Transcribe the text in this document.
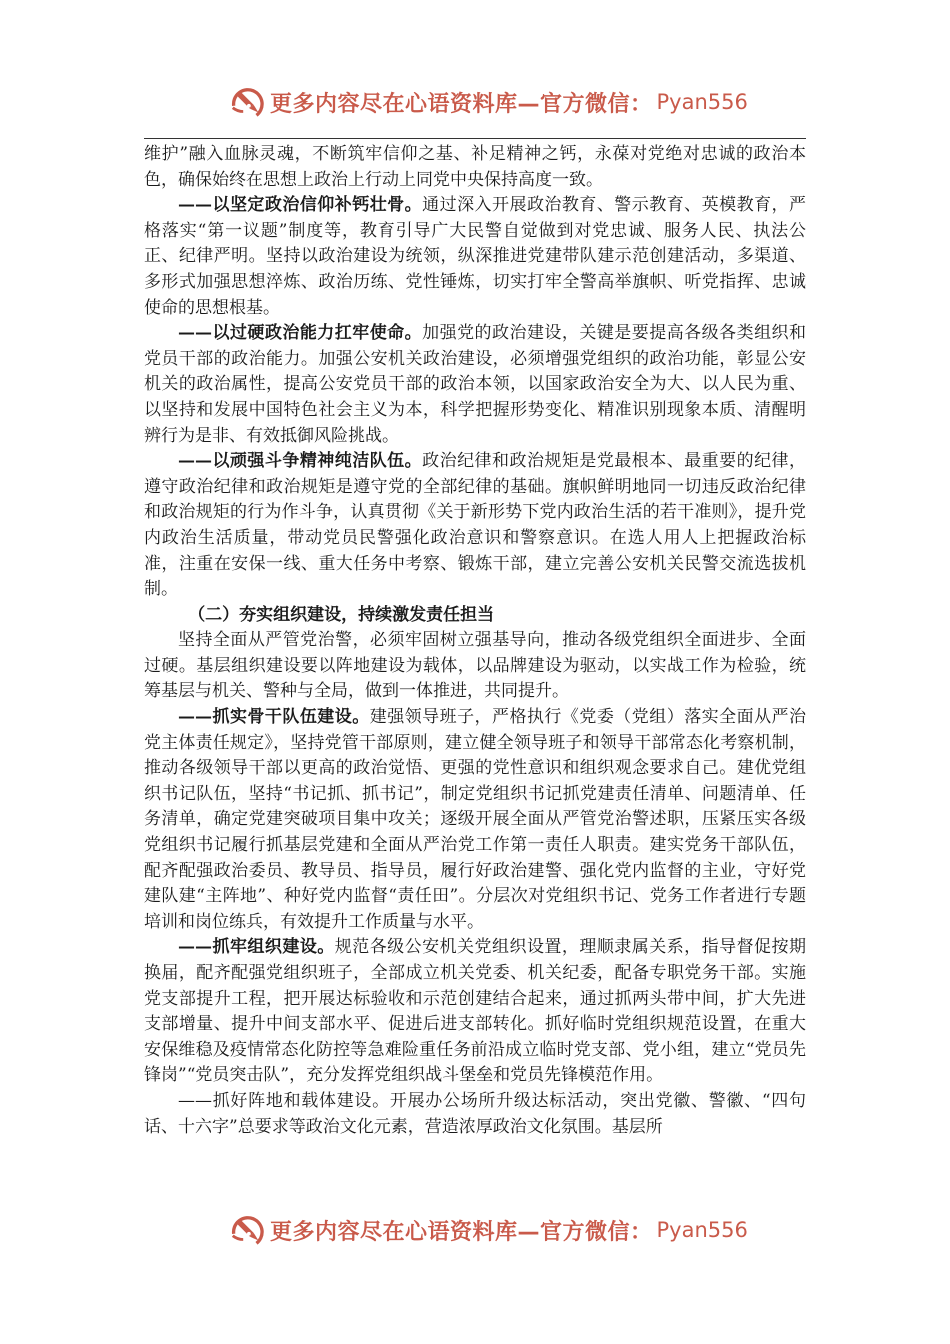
更多内容尽在心语资料库—官方微信： Pyan556

维护”融入血脉灵魂，不断筑牢信仰之基、补足精神之钙，永葆对党绝对忠诚的政治本色，确保始终在思想上政治上行动上同党中央保持高度一致。

——以坚定政治信仰补钙壮骨。通过深入开展政治教育、警示教育、英模教育，严格落实“第一议题”制度等，教育引导广大民警自觉做到对党忠诚、服务人民、执法公正、纪律严明。坚持以政治建设为统领，纵深推进党建带队建示范创建活动，多渠道、多形式加强思想淬炼、政治历练、党性锤炼，切实打牢全警高举旗帜、听党指挥、忠诚使命的思想根基。

——以过硬政治能力扛牢使命。加强党的政治建设，关键是要提高各级各类组织和党员干部的政治能力。加强公安机关政治建设，必须增强党组织的政治功能，彰显公安机关的政治属性，提高公安党员干部的政治本领，以国家政治安全为大、以人民为重、以坚持和发展中国特色社会主义为本，科学把握形势变化、精准识别现象本质、清醒明辨行为是非、有效抵御风险挑战。

——以顽强斗争精神纯洁队伍。政治纪律和政治规矩是党最根本、最重要的纪律，遵守政治纪律和政治规矩是遵守党的全部纪律的基础。旗帜鲜明地同一切违反政治纪律和政治规矩的行为作斗争，认真贯彻《关于新形势下党内政治生活的若干准则》，提升党内政治生活质量，带动党员民警强化政治意识和警察意识。在选人用人上把握政治标准，注重在安保一线、重大任务中考察、锻炼干部，建立完善公安机关民警交流选拔机制。

（二）夯实组织建设，持续激发责任担当

坚持全面从严管党治警，必须牢固树立强基导向，推动各级党组织全面进步、全面过硬。基层组织建设要以阵地建设为载体，以品牌建设为驱动，以实战工作为检验，统筹基层与机关、警种与全局，做到一体推进，共同提升。

——抓实骨干队伍建设。建强领导班子，严格执行《党委（党组）落实全面从严治党主体责任规定》，坚持党管干部原则，建立健全领导班子和领导干部常态化考察机制，推动各级领导干部以更高的政治觉悟、更强的党性意识和组织观念要求自己。建优党组织书记队伍，坚持“书记抓、抓书记”，制定党组织书记抓党建责任清单、问题清单、任务清单，确定党建突破项目集中攻关；逐级开展全面从严管党治警述职，压紧压实各级党组织书记履行抓基层党建和全面从严治党工作第一责任人职责。建实党务干部队伍，配齐配强政治委员、教导员、指导员，履行好政治建警、强化党内监督的主业，守好党建队建“主阵地”、种好党内监督“责任田”。分层次对党组织书记、党务工作者进行专题培训和岗位练兵，有效提升工作质量与水平。

——抓牢组织建设。规范各级公安机关党组织设置，理顺隶属关系，指导督促按期换届，配齐配强党组织班子，全部成立机关党委、机关纪委，配备专职党务干部。实施党支部提升工程，把开展达标验收和示范创建结合起来，通过抓两头带中间，扩大先进支部增量、提升中间支部水平、促进后进支部转化。抓好临时党组织规范设置，在重大安保维稳及疫情常态化防控等急难险重任务前沿成立临时党支部、党小组，建立“党员先锋岗”“党员突击队”，充分发挥党组织战斗堡垒和党员先锋模范作用。

——抓好阵地和载体建设。开展办公场所升级达标活动，突出党徽、警徽、“四句话、十六字”总要求等政治文化元素，营造浓厚政治文化氛围。基层所

更多内容尽在心语资料库—官方微信： Pyan556
